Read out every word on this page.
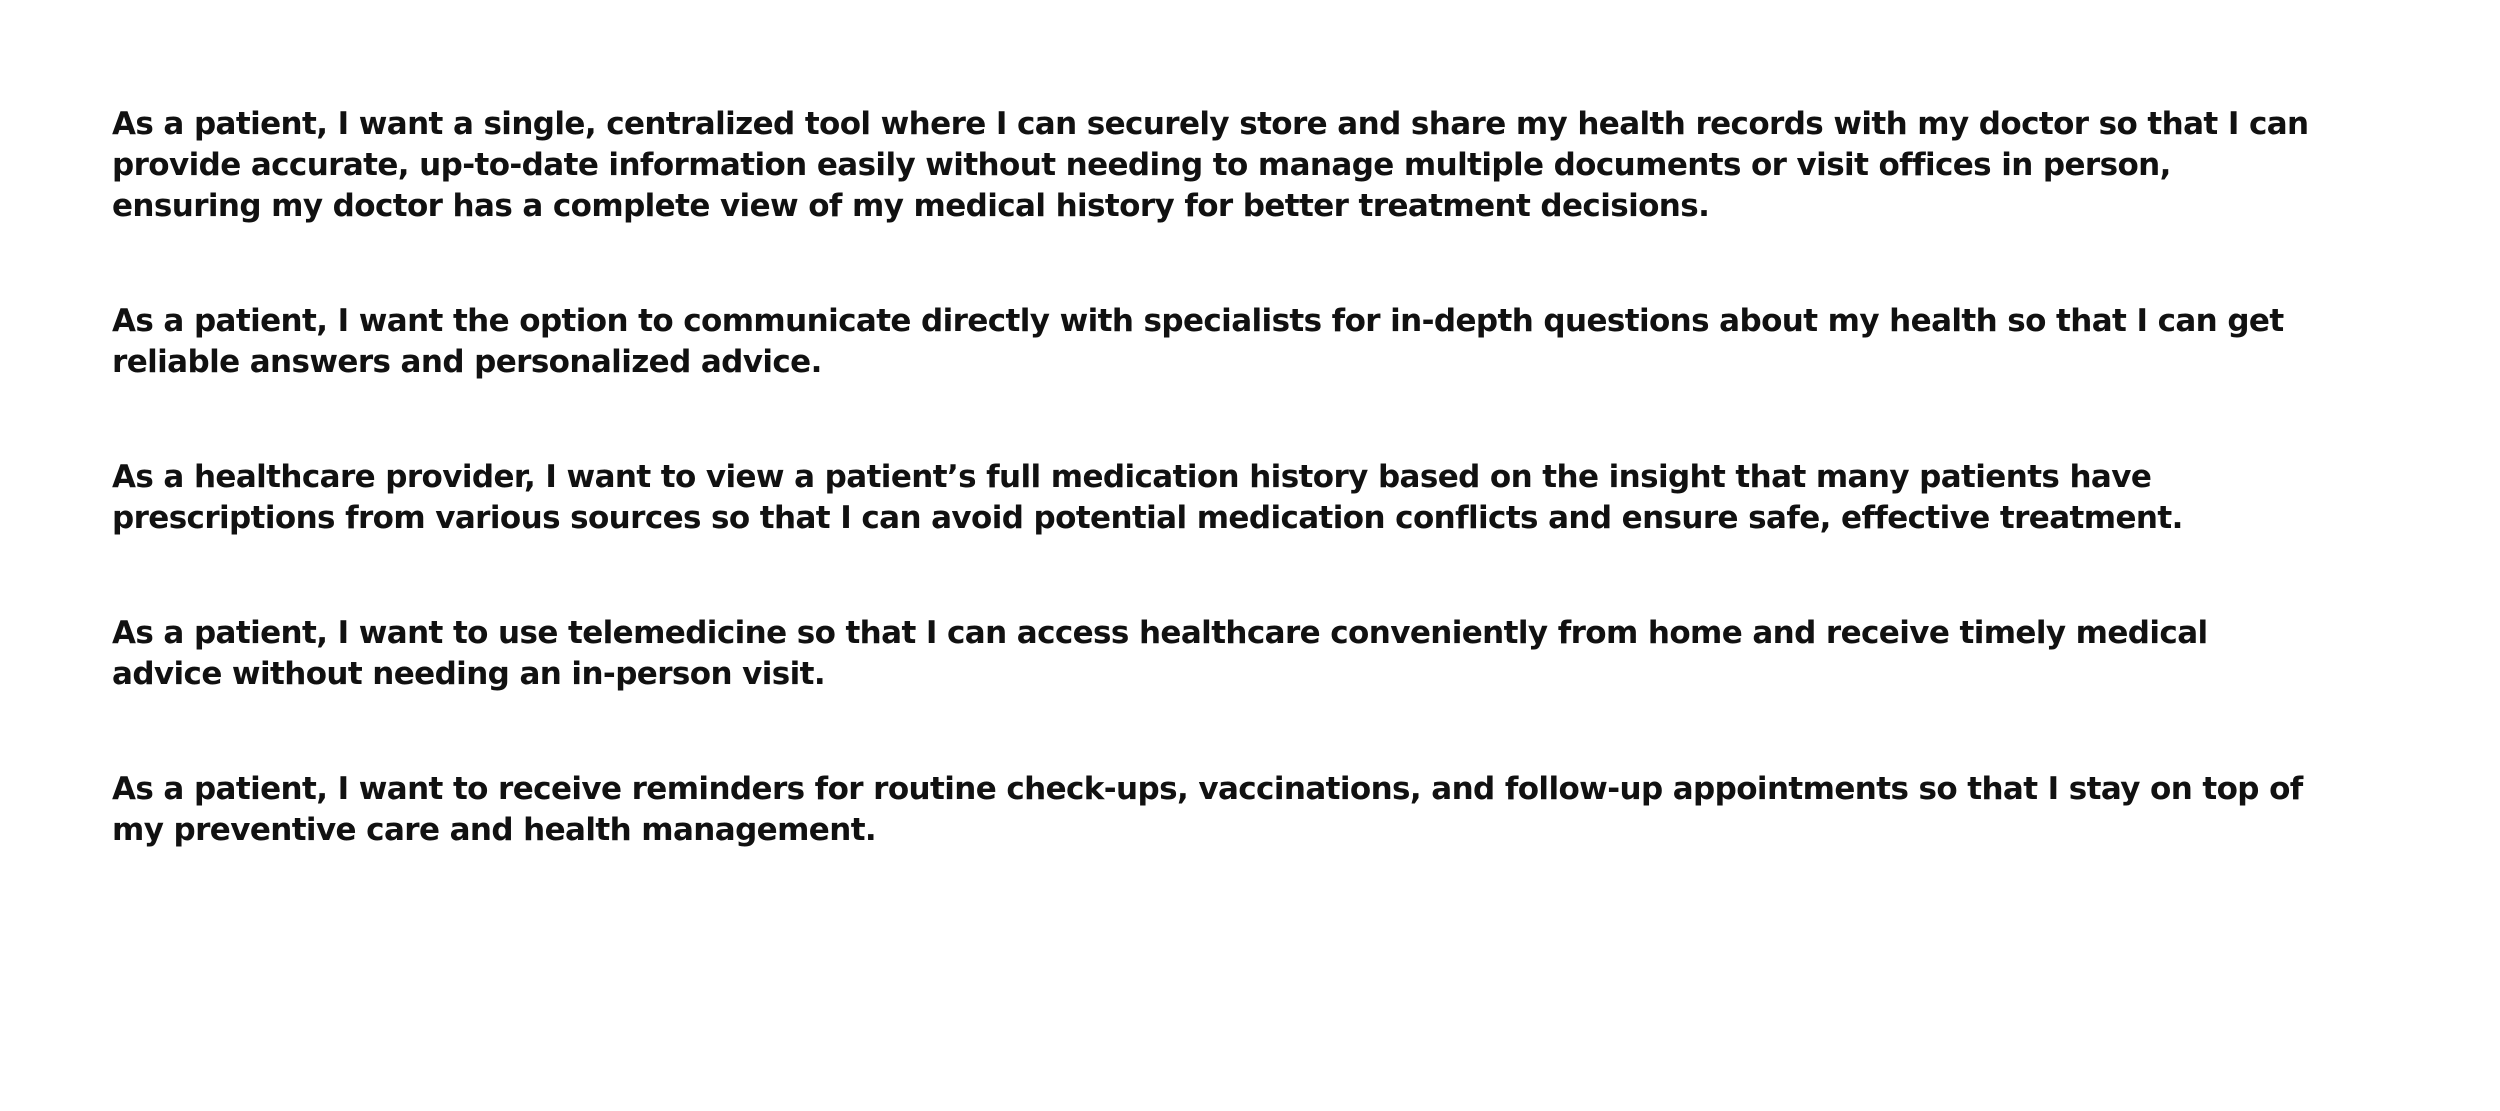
As a patient, I want a single, centralized tool where I can securely store and share my health records with my doctor so that I can provide accurate, up-to-date information easily without needing to manage multiple documents or visit offices in person, ensuring my doctor has a complete view of my medical history for better treatment decisions.

As a patient, I want the option to communicate directly with specialists for in-depth questions about my health so that I can get reliable answers and personalized advice.

As a healthcare provider, I want to view a patient’s full medication history based on the insight that many patients have prescriptions from various sources so that I can avoid potential medication conflicts and ensure safe, effective treatment.

As a patient, I want to use telemedicine so that I can access healthcare conveniently from home and receive timely medical advice without needing an in-person visit.

As a patient, I want to receive reminders for routine check-ups, vaccinations, and follow-up appointments so that I stay on top of my preventive care and health management.
